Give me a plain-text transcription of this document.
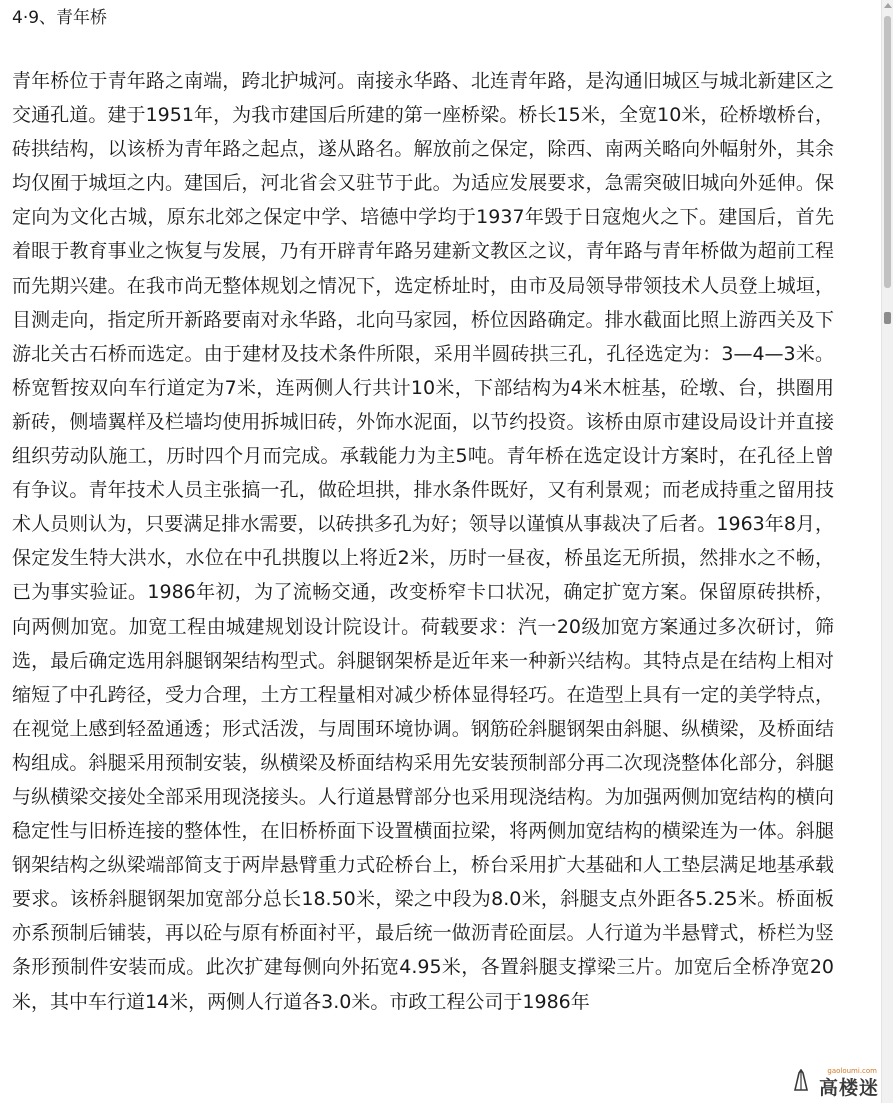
4·9、青年桥

青年桥位于青年路之南端，跨北护城河。南接永华路、北连青年路，是沟通旧城区与城北新建区之交通孔道。建于1951年，为我市建国后所建的第一座桥梁。桥长15米，全宽10米，砼桥墩桥台，砖拱结构，以该桥为青年路之起点，遂从路名。解放前之保定，除西、南两关略向外幅射外，其余均仅囿于城垣之内。建国后，河北省会又驻节于此。为适应发展要求，急需突破旧城向外延伸。保定向为文化古城，原东北郊之保定中学、培德中学均于1937年毁于日寇炮火之下。建国后，首先着眼于教育事业之恢复与发展，乃有开辟青年路另建新文教区之议，青年路与青年桥做为超前工程而先期兴建。在我市尚无整体规划之情况下，选定桥址时，由市及局领导带领技术人员登上城垣，目测走向，指定所开新路要南对永华路，北向马家园，桥位因路确定。排水截面比照上游西关及下游北关古石桥而选定。由于建材及技术条件所限，采用半圆砖拱三孔，孔径选定为：3—4—3米。桥宽暂按双向车行道定为7米，连两侧人行共计10米，下部结构为4米木桩基，砼墩、台，拱圈用新砖，侧墙翼样及栏墙均使用拆城旧砖，外饰水泥面，以节约投资。该桥由原市建设局设计并直接组织劳动队施工，历时四个月而完成。承载能力为主5吨。青年桥在选定设计方案时，在孔径上曾有争议。青年技术人员主张搞一孔，做砼坦拱，排水条件既好，又有利景观；而老成持重之留用技术人员则认为，只要满足排水需要，以砖拱多孔为好；领导以谨慎从事裁决了后者。1963年8月，保定发生特大洪水，水位在中孔拱腹以上将近2米，历时一昼夜，桥虽迄无所损，然排水之不畅，已为事实验证。1986年初，为了流畅交通，改变桥窄卡口状况，确定扩宽方案。保留原砖拱桥，向两侧加宽。加宽工程由城建规划设计院设计。荷载要求：汽一20级加宽方案通过多次研讨，筛选，最后确定选用斜腿钢架结构型式。斜腿钢架桥是近年来一种新兴结构。其特点是在结构上相对缩短了中孔跨径，受力合理，土方工程量相对减少桥体显得轻巧。在造型上具有一定的美学特点，在视觉上感到轻盈通透；形式活泼，与周围环境协调。钢筋砼斜腿钢架由斜腿、纵横梁，及桥面结构组成。斜腿采用预制安装，纵横梁及桥面结构采用先安装预制部分再二次现浇整体化部分，斜腿与纵横梁交接处全部采用现浇接头。人行道悬臂部分也采用现浇结构。为加强两侧加宽结构的横向稳定性与旧桥连接的整体性，在旧桥桥面下设置横面拉梁，将两侧加宽结构的横梁连为一体。斜腿钢架结构之纵梁端部简支于两岸悬臂重力式砼桥台上，桥台采用扩大基础和人工垫层满足地基承载要求。该桥斜腿钢架加宽部分总长18.50米，梁之中段为8.0米，斜腿支点外距各5.25米。桥面板亦系预制后铺装，再以砼与原有桥面衬平，最后统一做沥青砼面层。人行道为半悬臂式，桥栏为竖条形预制件安装而成。此次扩建每侧向外拓宽4.95米，各置斜腿支撑梁三片。加宽后全桥净宽20米，其中车行道14米，两侧人行道各3.0米。市政工程公司于1986年

gaoloumi.com
高楼迷
